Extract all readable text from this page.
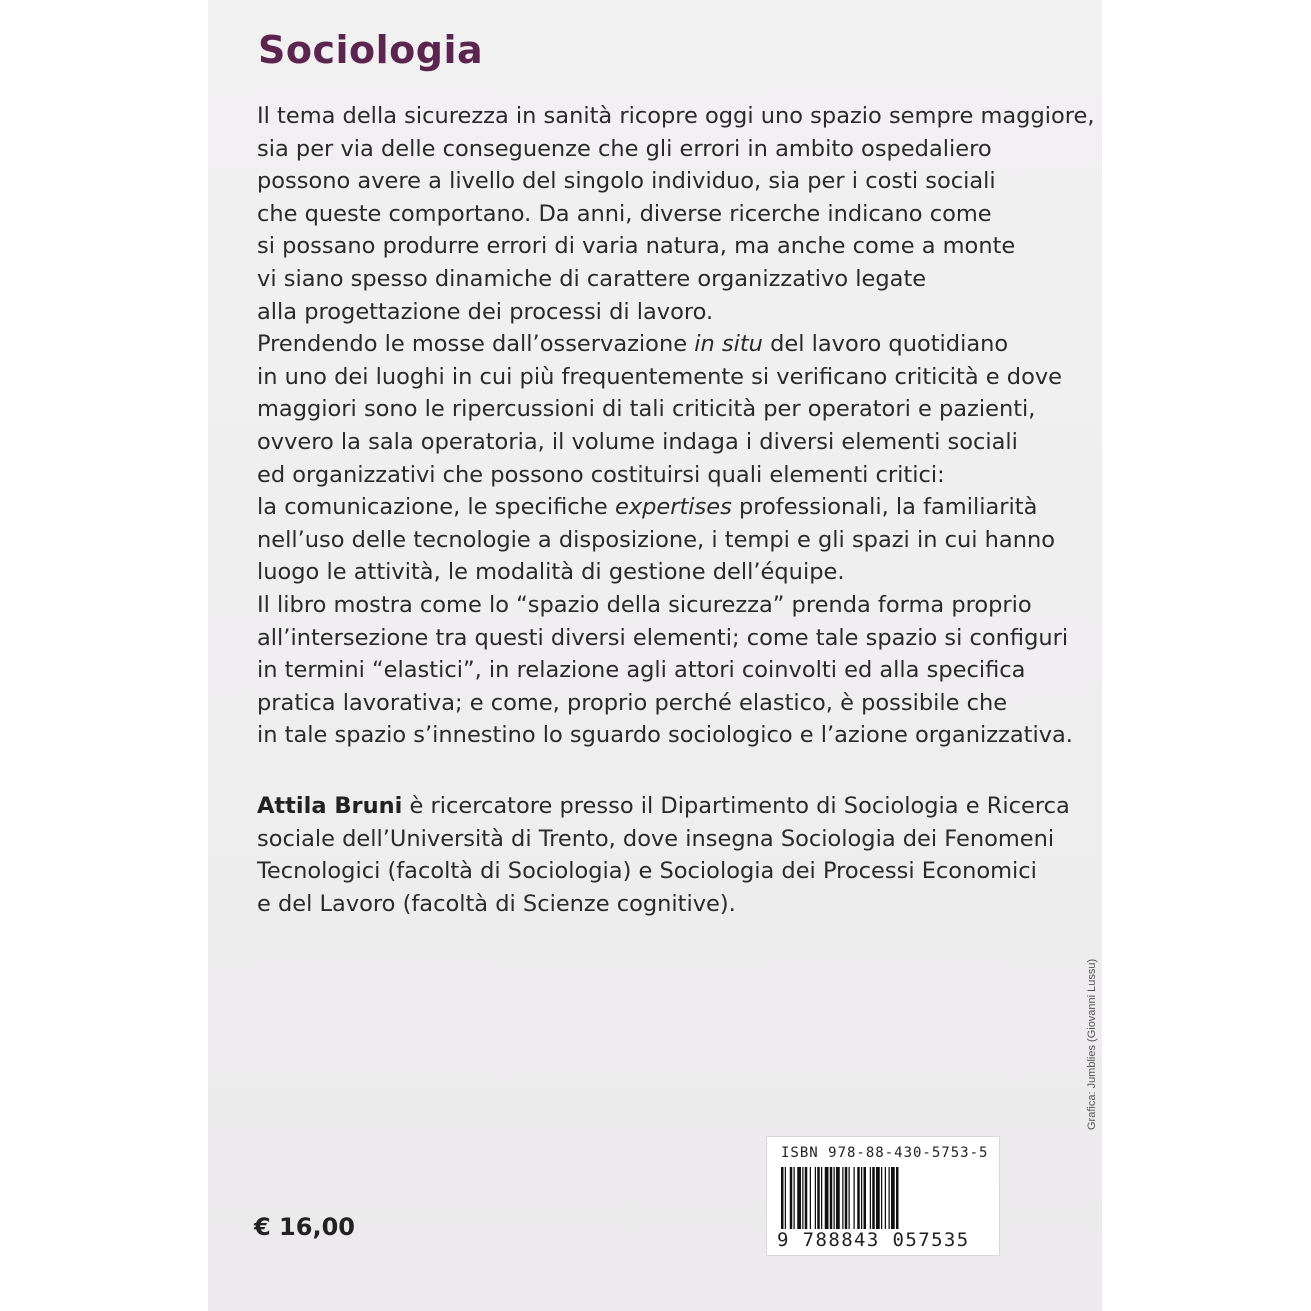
Sociologia
Il tema della sicurezza in sanità ricopre oggi uno spazio sempre maggiore,
sia per via delle conseguenze che gli errori in ambito ospedaliero
possono avere a livello del singolo individuo, sia per i costi sociali
che queste comportano. Da anni, diverse ricerche indicano come
si possano produrre errori di varia natura, ma anche come a monte
vi siano spesso dinamiche di carattere organizzativo legate
alla progettazione dei processi di lavoro.
Prendendo le mosse dall’osservazione in situ del lavoro quotidiano
in uno dei luoghi in cui più frequentemente si verificano criticità e dove
maggiori sono le ripercussioni di tali criticità per operatori e pazienti,
ovvero la sala operatoria, il volume indaga i diversi elementi sociali
ed organizzativi che possono costituirsi quali elementi critici:
la comunicazione, le specifiche expertises professionali, la familiarità
nell’uso delle tecnologie a disposizione, i tempi e gli spazi in cui hanno
luogo le attività, le modalità di gestione dell’équipe.
Il libro mostra come lo “spazio della sicurezza” prenda forma proprio
all’intersezione tra questi diversi elementi; come tale spazio si configuri
in termini “elastici”, in relazione agli attori coinvolti ed alla specifica
pratica lavorativa; e come, proprio perché elastico, è possibile che
in tale spazio s’innestino lo sguardo sociologico e l’azione organizzativa.
Attila Bruni è ricercatore presso il Dipartimento di Sociologia e Ricerca
sociale dell’Università di Trento, dove insegna Sociologia dei Fenomeni
Tecnologici (facoltà di Sociologia) e Sociologia dei Processi Economici
e del Lavoro (facoltà di Scienze cognitive).
€ 16,00
ISBN 978-88-430-5753-5
9 788843 057535
Grafica: Jumblies (Giovanni Lussu)
